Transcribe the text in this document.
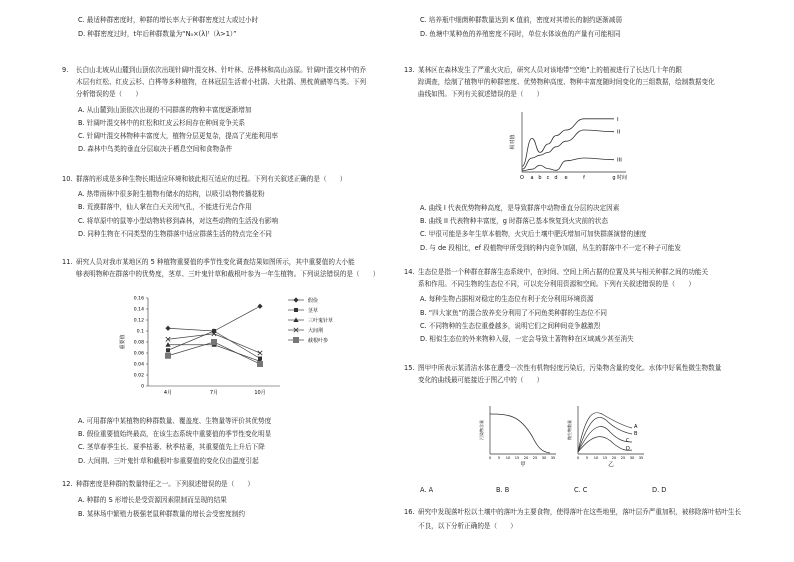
C. 最适种群密度时，种群的增长率大于种群密度过大或过小时
D. 种群密度过时，t年后种群数量为“N₀×(λ)ᵗ（λ>1）”
9. 长白山北坡从山麓到山顶依次出现针阔叶混交林、针叶林、岳桦林和高山冻原。针阔叶混交林中的乔
木层有红松、红皮云杉、白桦等多种植物，在林冠层生活着小杜鹃、大杜鹃、黑枕黄鹂等鸟类。下列
分析错误的是（　　）
A. 从山麓到山顶依次出现的不同群落的物种丰富度逐渐增加
B. 针阔叶混交林中的红松和红皮云杉间存在种间竞争关系
C. 针阔叶混交林物种丰富度大，植物分层更复杂，提高了光能利用率
D. 森林中鸟类的垂直分层取决于栖息空间和食物条件
10. 群落的形成是多种生物长期适应环境和彼此相互适应的过程。下列有关叙述正确的是（　　）
A. 热带雨林中很多附生植物有储水的结构，以吸引动物传播花粉
B. 荒漠群落中，仙人掌在白天关闭气孔，不能进行光合作用
C. 将草原中的鼠等小型动物转移到森林，对这些动物的生活没有影响
D. 同种生物在不同类型的生物群落中适应群落生活的特点完全不同
11. 研究人员对我市某地区的 5 种植物重要值的季节性变化调查结果如图所示，其中重要值的大小能
够表明物种在群落中的优势度，茎草、三叶鬼针草和截根叶参为一年生植物。下列说法错误的是（　　）
0
0.02
0.04
0.06
0.08
0.1
0.12
0.14
0.16
4月	7月	10月
重要值
假俭
茎草
三叶鬼针草
大间荆
截根叶参
A. 可用群落中某植物的种群数量、覆盖度、生物量等评价其优势度
B. 假俭重要值始终最高，在该生态系统中重要值的季节性变化明显
C. 茎草春季生长、夏季枯萎、秋季枯萎，其重要值先上升后下降
D. 大间荆、三叶鬼针草和截根叶参重要值的变化仅由温度引起
12. 种群密度是种群的数量特征之一。下列叙述错误的是（　　）
A. 种群的 S 形增长是受资源因素限制而呈现的结果
B. 某林场中繁殖力极强老鼠种群数量的增长会受密度制约
C. 培养瓶中细菌种群数量达到 K 值前，密度对其增长的制约逐渐减弱
D. 鱼塘中某种鱼的养殖密度不同时，单位水体该鱼的产量有可能相同
13. 某林区在森林发生了严重火灾后，研究人员对该地带“空地”上的植被进行了长达几十年的跟
踪调查，绘制了植物甲的种群密度、优势物种高度、物种丰富度随时间变化的三组数据，绘制数据变化
曲线如图。下列有关叙述错误的是（　　）
相对值
O a b c d e	f	g 时间
I
II
III
A. 曲线 I 代表优势物种高度，是导致群落中动物垂直分层的决定因素
B. 曲线 II 代表物种丰富度，g 时群落已基本恢复到火灾前的状态
C. 甲很可能是多年生草本植物，火灾后土壤中肥沃增加可加快群落演替的速度
D. 与 de 段相比，ef 段植物甲所受到的种内竞争加剧，丛生的群落中不一定不种子可能发
14. 生态位是指一个种群在群落生态系统中，在时间、空间上所占据的位置及其与相关种群之间的功能关
系和作用。不同生物的生态位不同，可以充分利用资源和空间。下列有关叙述错误的是（　　）
A. 每种生物占据相对稳定的生态位有利于充分利用环境资源
B. “四大家鱼”的混合放养充分利用了不同鱼类种群的生态位不同
C. 不同物种的生态位重叠越多，说明它们之间种间竞争越激烈
D. 相似生态位的外来物种入侵，一定会导致土著物种在区域减少甚至消失
15. 图甲中所表示某清洁水体在遭受一次性有机物轻度污染后，污染物含量的变化。水体中好氧性微生物数量
变化的曲线最可能接近于图乙中的（　　）
污染物含量
0 5 10 15 20 25 30 35
甲
A
B
C
D
微生物数量
0 5 10 15 20 25 30 35
乙
A. A	B. B	C. C	D. D
16. 研究中发现落叶松以土壤中的落叶为主要食物，使得落叶在这些地里，落叶层乔严重加积，被移除落叶枯叶生长
不良，以下分析正确的是（　　）
